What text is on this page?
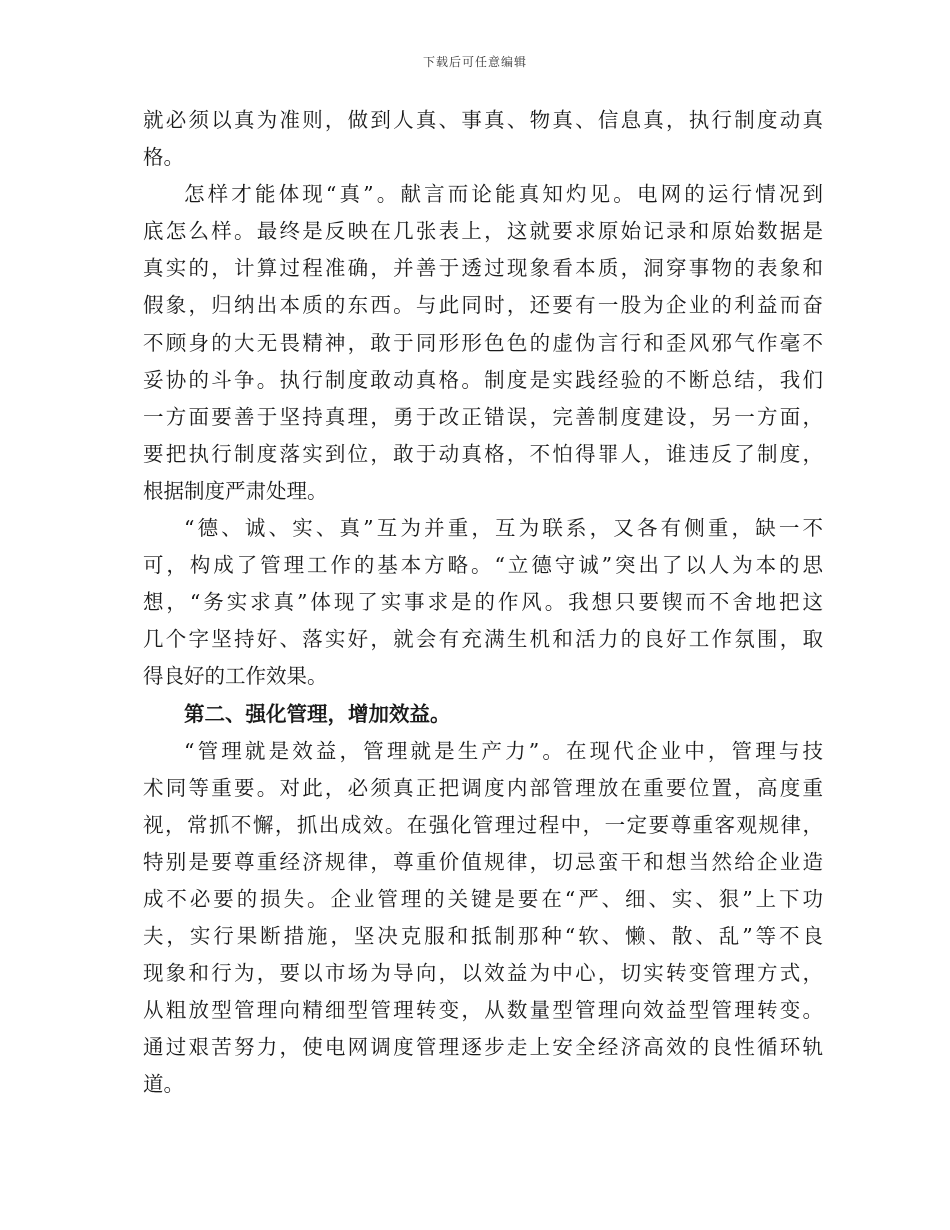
下载后可任意编辑
就必须以真为准则，做到人真、事真、物真、信息真，执行制度动真
格。
怎样才能体现“真”。献言而论能真知灼见。电网的运行情况到
底怎么样。最终是反映在几张表上，这就要求原始记录和原始数据是
真实的，计算过程准确，并善于透过现象看本质，洞穿事物的表象和
假象，归纳出本质的东西。与此同时，还要有一股为企业的利益而奋
不顾身的大无畏精神，敢于同形形色色的虚伪言行和歪风邪气作毫不
妥协的斗争。执行制度敢动真格。制度是实践经验的不断总结，我们
一方面要善于坚持真理，勇于改正错误，完善制度建设，另一方面，
要把执行制度落实到位，敢于动真格，不怕得罪人，谁违反了制度，
根据制度严肃处理。
“德、诚、实、真”互为并重，互为联系，又各有侧重，缺一不
可，构成了管理工作的基本方略。“立德守诚”突出了以人为本的思
想，“务实求真”体现了实事求是的作风。我想只要锲而不舍地把这
几个字坚持好、落实好，就会有充满生机和活力的良好工作氛围，取
得良好的工作效果。
第二、强化管理，增加效益。
“管理就是效益，管理就是生产力”。在现代企业中，管理与技
术同等重要。对此，必须真正把调度内部管理放在重要位置，高度重
视，常抓不懈，抓出成效。在强化管理过程中，一定要尊重客观规律，
特别是要尊重经济规律，尊重价值规律，切忌蛮干和想当然给企业造
成不必要的损失。企业管理的关键是要在“严、细、实、狠”上下功
夫，实行果断措施，坚决克服和抵制那种“软、懒、散、乱”等不良
现象和行为，要以市场为导向，以效益为中心，切实转变管理方式，
从粗放型管理向精细型管理转变，从数量型管理向效益型管理转变。
通过艰苦努力，使电网调度管理逐步走上安全经济高效的良性循环轨
道。
